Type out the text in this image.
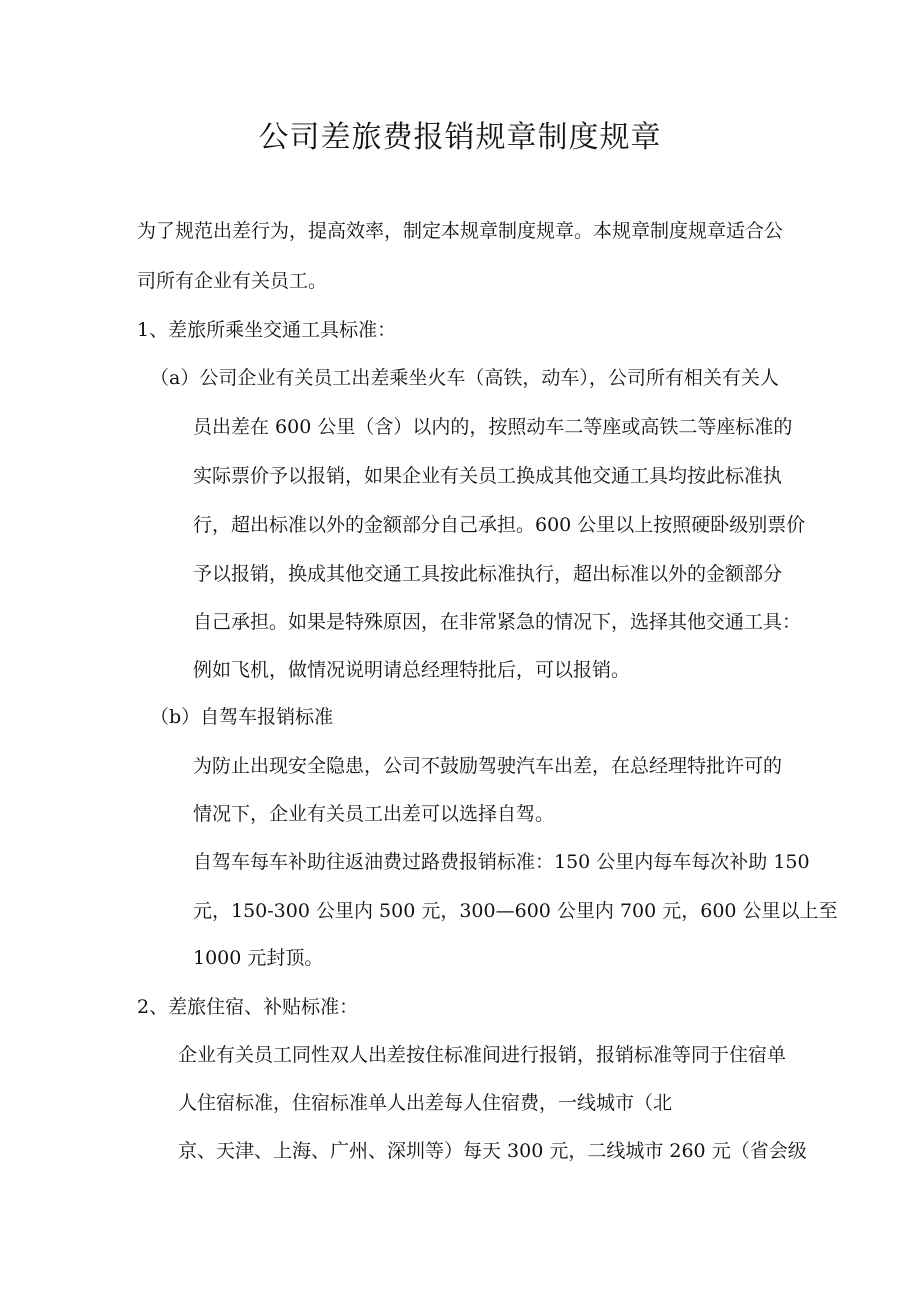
公司差旅费报销规章制度规章
为了规范出差行为，提高效率，制定本规章制度规章。本规章制度规章适合公
司所有企业有关员工。
1、差旅所乘坐交通工具标准：
（a）公司企业有关员工出差乘坐火车（高铁，动车），公司所有相关有关人
员出差在 600 公里（含）以内的，按照动车二等座或高铁二等座标准的
实际票价予以报销，如果企业有关员工换成其他交通工具均按此标准执
行，超出标准以外的金额部分自己承担。600 公里以上按照硬卧级别票价
予以报销，换成其他交通工具按此标准执行，超出标准以外的金额部分
自己承担。如果是特殊原因，在非常紧急的情况下，选择其他交通工具：
例如飞机，做情况说明请总经理特批后，可以报销。
（b）自驾车报销标准
为防止出现安全隐患，公司不鼓励驾驶汽车出差，在总经理特批许可的
情况下，企业有关员工出差可以选择自驾。
自驾车每车补助往返油费过路费报销标准：150 公里内每车每次补助 150
元，150-300 公里内 500 元，300—600 公里内 700 元，600 公里以上至
1000 元封顶。
2、差旅住宿、补贴标准：
企业有关员工同性双人出差按住标准间进行报销，报销标准等同于住宿单
人住宿标准，住宿标准单人出差每人住宿费，一线城市（北
京、天津、上海、广州、深圳等）每天 300 元，二线城市 260 元（省会级
